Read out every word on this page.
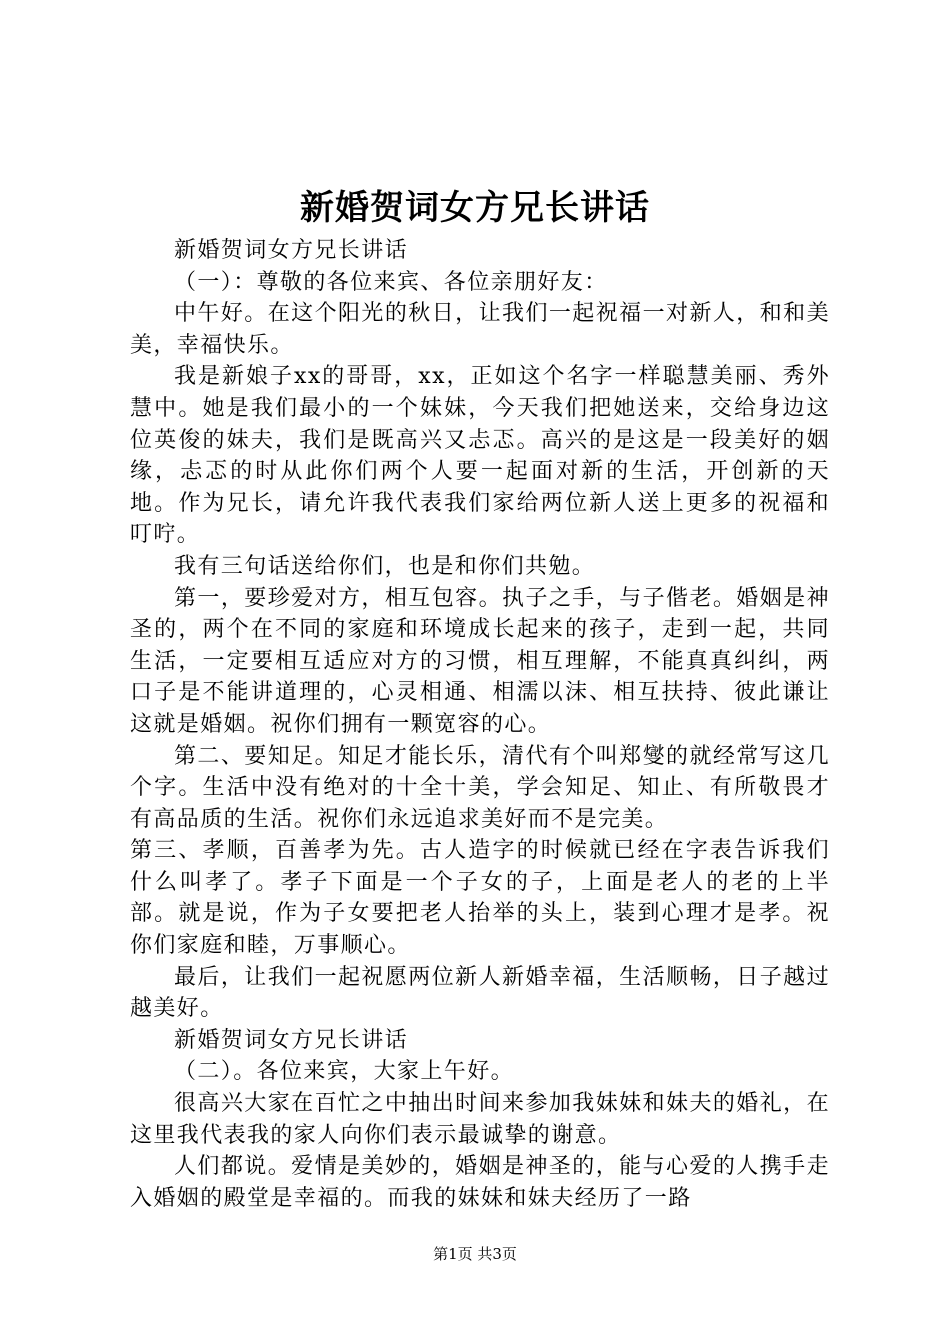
新婚贺词女方兄长讲话

新婚贺词女方兄长讲话

（一）：尊敬的各位来宾、各位亲朋好友：

中午好。在这个阳光的秋日，让我们一起祝福一对新人，和和美美，幸福快乐。

我是新娘子xx的哥哥，xx，正如这个名字一样聪慧美丽、秀外慧中。她是我们最小的一个妹妹，今天我们把她送来，交给身边这位英俊的妹夫，我们是既高兴又忐忑。高兴的是这是一段美好的姻缘，忐忑的时从此你们两个人要一起面对新的生活，开创新的天地。作为兄长，请允许我代表我们家给两位新人送上更多的祝福和叮咛。

我有三句话送给你们，也是和你们共勉。

第一，要珍爱对方，相互包容。执子之手，与子偕老。婚姻是神圣的，两个在不同的家庭和环境成长起来的孩子，走到一起，共同生活，一定要相互适应对方的习惯，相互理解，不能真真纠纠，两口子是不能讲道理的，心灵相通、相濡以沫、相互扶持、彼此谦让这就是婚姻。祝你们拥有一颗宽容的心。

第二、要知足。知足才能长乐，清代有个叫郑燮的就经常写这几个字。生活中没有绝对的十全十美，学会知足、知止、有所敬畏才有高品质的生活。祝你们永远追求美好而不是完美。

第三、孝顺，百善孝为先。古人造字的时候就已经在字表告诉我们什么叫孝了。孝子下面是一个子女的子，上面是老人的老的上半部。就是说，作为子女要把老人抬举的头上，装到心理才是孝。祝你们家庭和睦，万事顺心。

最后，让我们一起祝愿两位新人新婚幸福，生活顺畅，日子越过越美好。

新婚贺词女方兄长讲话

（二）。各位来宾，大家上午好。

很高兴大家在百忙之中抽出时间来参加我妹妹和妹夫的婚礼，在这里我代表我的家人向你们表示最诚挚的谢意。

人们都说。爱情是美妙的，婚姻是神圣的，能与心爱的人携手走入婚姻的殿堂是幸福的。而我的妹妹和妹夫经历了一路

第1页 共3页
